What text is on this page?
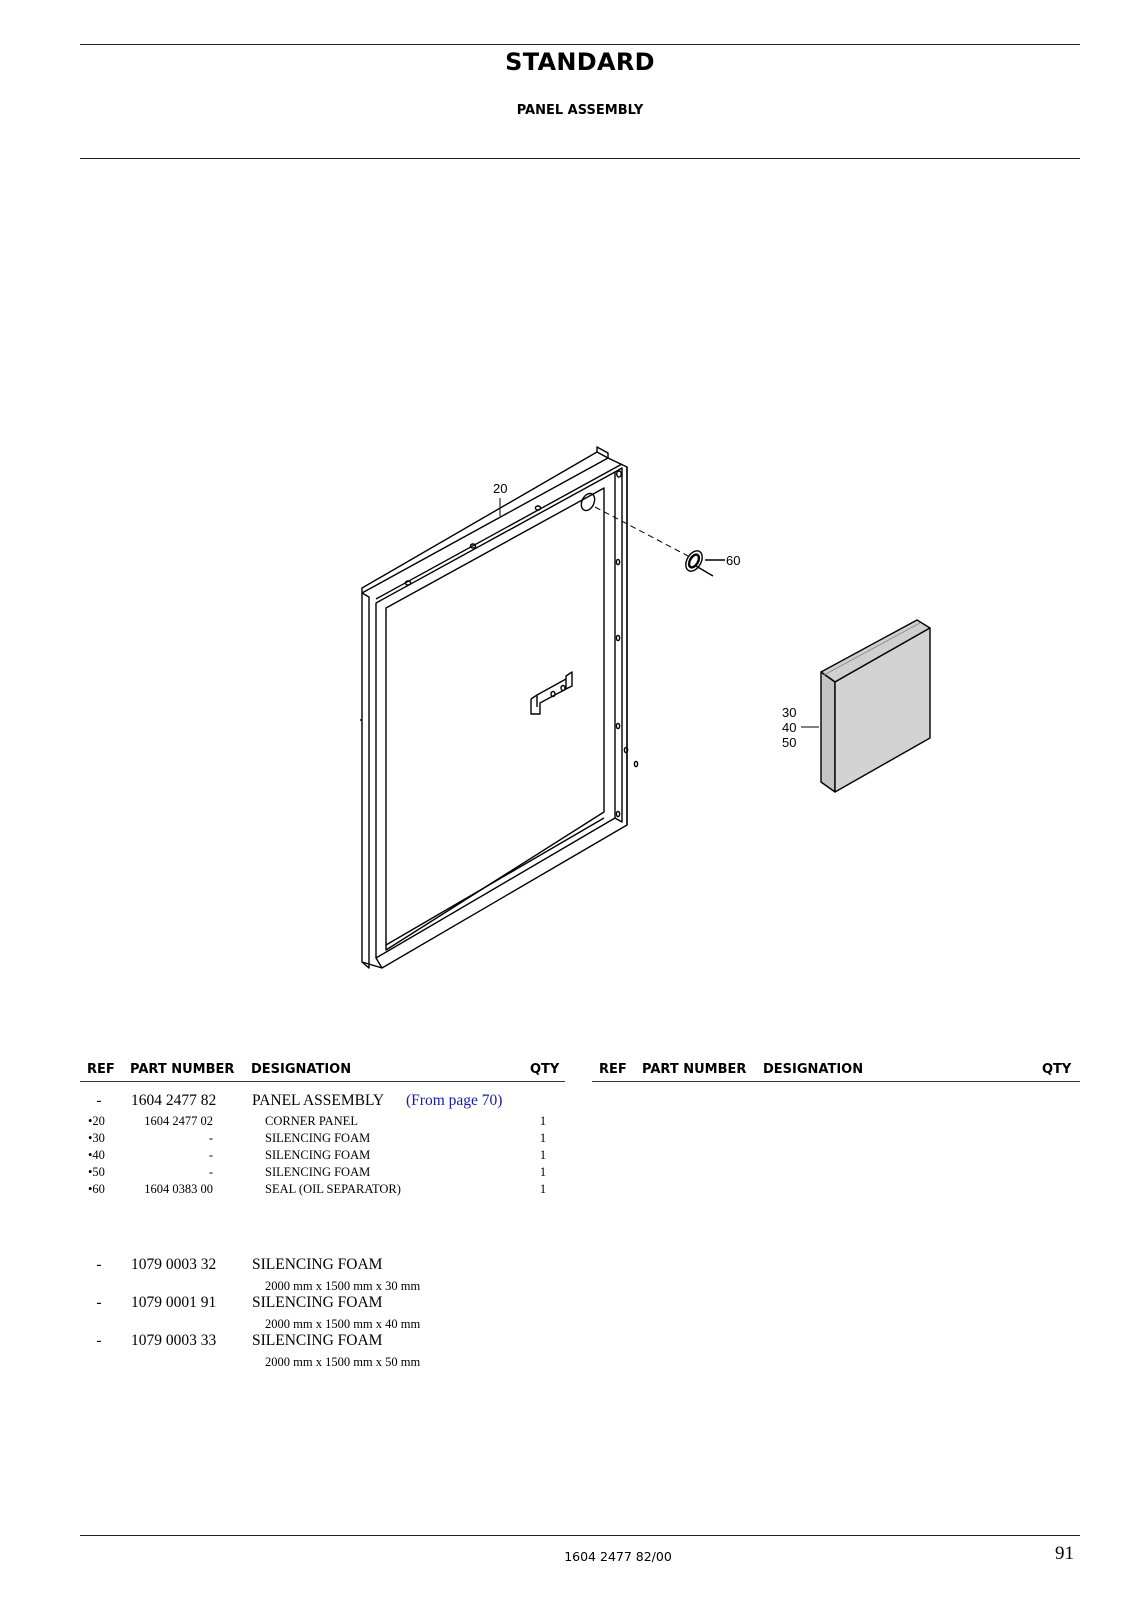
STANDARD
PANEL ASSEMBLY
20
60
30
40
50
REF PART NUMBER DESIGNATION	QTY	REF PART NUMBER DESIGNATION	QTY
-	1604 2477 82 PANEL ASSEMBLY (From page 70)
•20	1604 2477 02	CORNER PANEL	1
•30	-	SILENCING FOAM	1
•40	-	SILENCING FOAM	1
•50	-	SILENCING FOAM	1
•60	1604 0383 00	SEAL (OIL SEPARATOR)	1
-	1079 0003 32 SILENCING FOAM
2000 mm x 1500 mm x 30 mm
-	1079 0001 91 SILENCING FOAM
2000 mm x 1500 mm x 40 mm
-	1079 0003 33 SILENCING FOAM
2000 mm x 1500 mm x 50 mm
1604 2477 82/00	91
